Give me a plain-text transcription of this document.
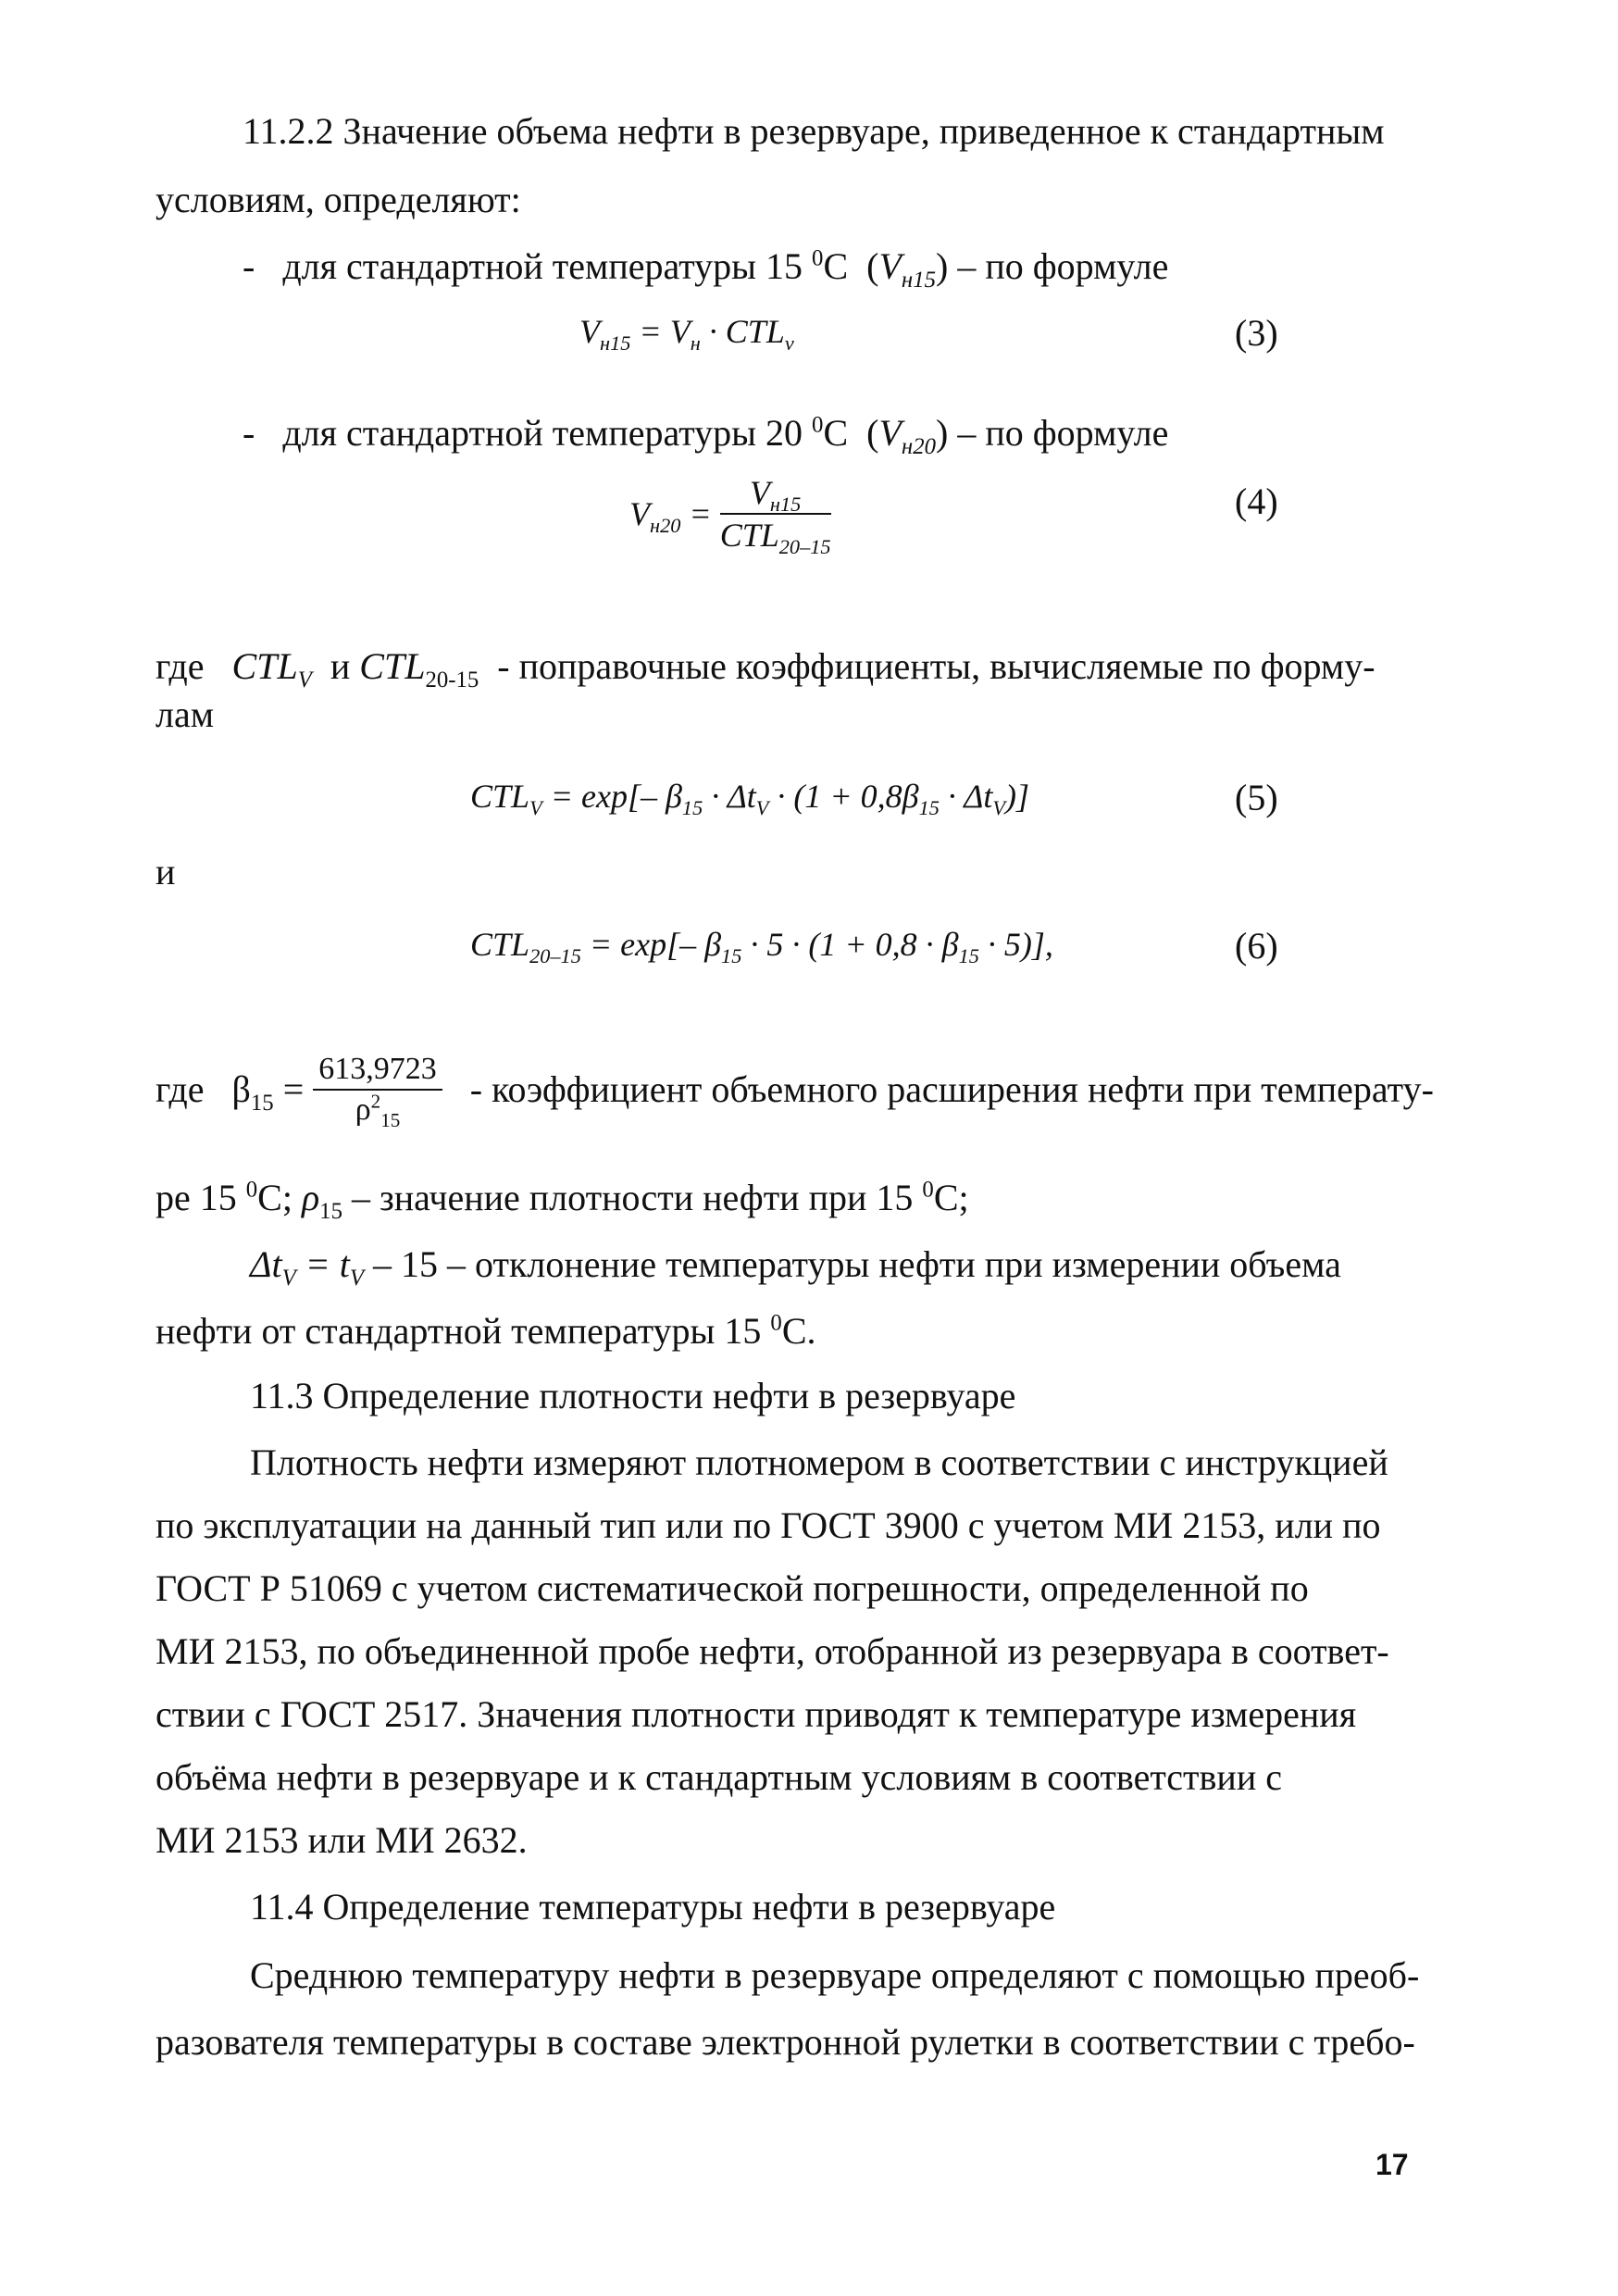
11.2.2 Значение объема нефти в резервуаре, приведенное к стандартным
условиям, определяют:
- для стандартной температуры 15 $^0$C  $(V_{н15})$ – по формуле
$V_{н15} = V_н \cdot CTL_v$	(3)
- для стандартной температуры 20 $^0$C  $(V_{н20})$ – по формуле
$V_{н20} = \frac{V_{н15}}{CTL_{20-15}}$	(4)
где $CTL_V$ и $CTL_{20-15}$ - поправочные коэффициенты, вычисляемые по форму-
лам
$CTL_V = \exp[-$ $\beta_{15} \cdot \Delta t_V \cdot (1 + 0,8\beta_{15} \cdot \Delta t_V)$]	(5)
и
$CTL_{20-15} = \exp[-$ $\beta_{15} \cdot 5 \cdot (1 + 0,8 \cdot \beta_{15} \cdot 5)$],	(6)
где $\beta_{15} = \frac{613,9723}{\rho^2_{15}}$ - коэффициент объемного расширения нефти при температу-
ре 15 $^0$C; $\rho_{15}$ – значение плотности нефти при 15 $^0$C;
$\Delta t_V = t_V - 15$ – отклонение температуры нефти при измерении объема
нефти от стандартной температуры 15 $^0$C.
11.3 Определение плотности нефти в резервуаре
Плотность нефти измеряют плотномером в соответствии с инструкцией
по эксплуатации на данный тип или по ГОСТ 3900 с учетом МИ 2153, или по
ГОСТ Р 51069 с учетом систематической погрешности, определенной по
МИ 2153, по объединенной пробе нефти, отобранной из резервуара в соответ-
ствии с ГОСТ 2517. Значения плотности приводят к температуре измерения
объёма нефти в резервуаре и к стандартным условиям в соответствии с
МИ 2153 или МИ 2632.
11.4 Определение температуры нефти в резервуаре
Среднюю температуру нефти в резервуаре определяют с помощью преоб-
разователя температуры в составе электронной рулетки в соответствии с требо-
17
